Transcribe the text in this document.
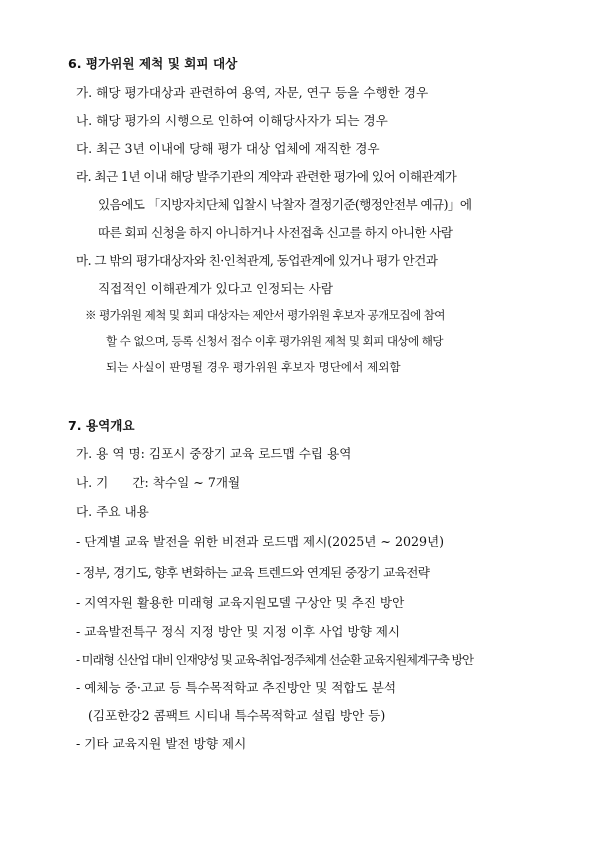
6. 평가위원 제척 및 회피 대상
가. 해당 평가대상과 관련하여 용역, 자문, 연구 등을 수행한 경우
나. 해당 평가의 시행으로 인하여 이해당사자가 되는 경우
다. 최근 3년 이내에 당해 평가 대상 업체에 재직한 경우
라. 최근 1년 이내 해당 발주기관의 계약과 관련한 평가에 있어 이해관계가
있음에도 「지방자치단체 입찰시 낙찰자 결정기준(행정안전부 예규)」에
따른 회피 신청을 하지 아니하거나 사전접촉 신고를 하지 아니한 사람
마. 그 밖의 평가대상자와 친·인척관계, 동업관계에 있거나 평가 안건과
직접적인 이해관계가 있다고 인정되는 사람
※ 평가위원 제척 및 회피 대상자는 제안서 평가위원 후보자 공개모집에 참여
할 수 없으며, 등록 신청서 접수 이후 평가위원 제척 및 회피 대상에 해당
되는 사실이 판명될 경우 평가위원 후보자 명단에서 제외함
7. 용역개요
가. 용 역 명: 김포시 중장기 교육 로드맵 수립 용역
나. 기      간: 착수일 ~ 7개월
다. 주요 내용
- 단계별 교육 발전을 위한 비젼과 로드맵 제시(2025년 ~ 2029년)
- 정부, 경기도, 향후 변화하는 교육 트렌드와 연계된 중장기 교육전략
- 지역자원 활용한 미래형 교육지원모델 구상안 및 추진 방안
- 교육발전특구 정식 지정 방안 및 지정 이후 사업 방향 제시
- 미래형 신산업 대비 인재양성 및 교육-취업-정주체계 선순환 교육지원체계구축 방안
- 예체능 중·고교 등 특수목적학교 추진방안 및 적합도 분석
(김포한강2 콤팩트 시티내 특수목적학교 설립 방안 등)
- 기타 교육지원 발전 방향 제시
